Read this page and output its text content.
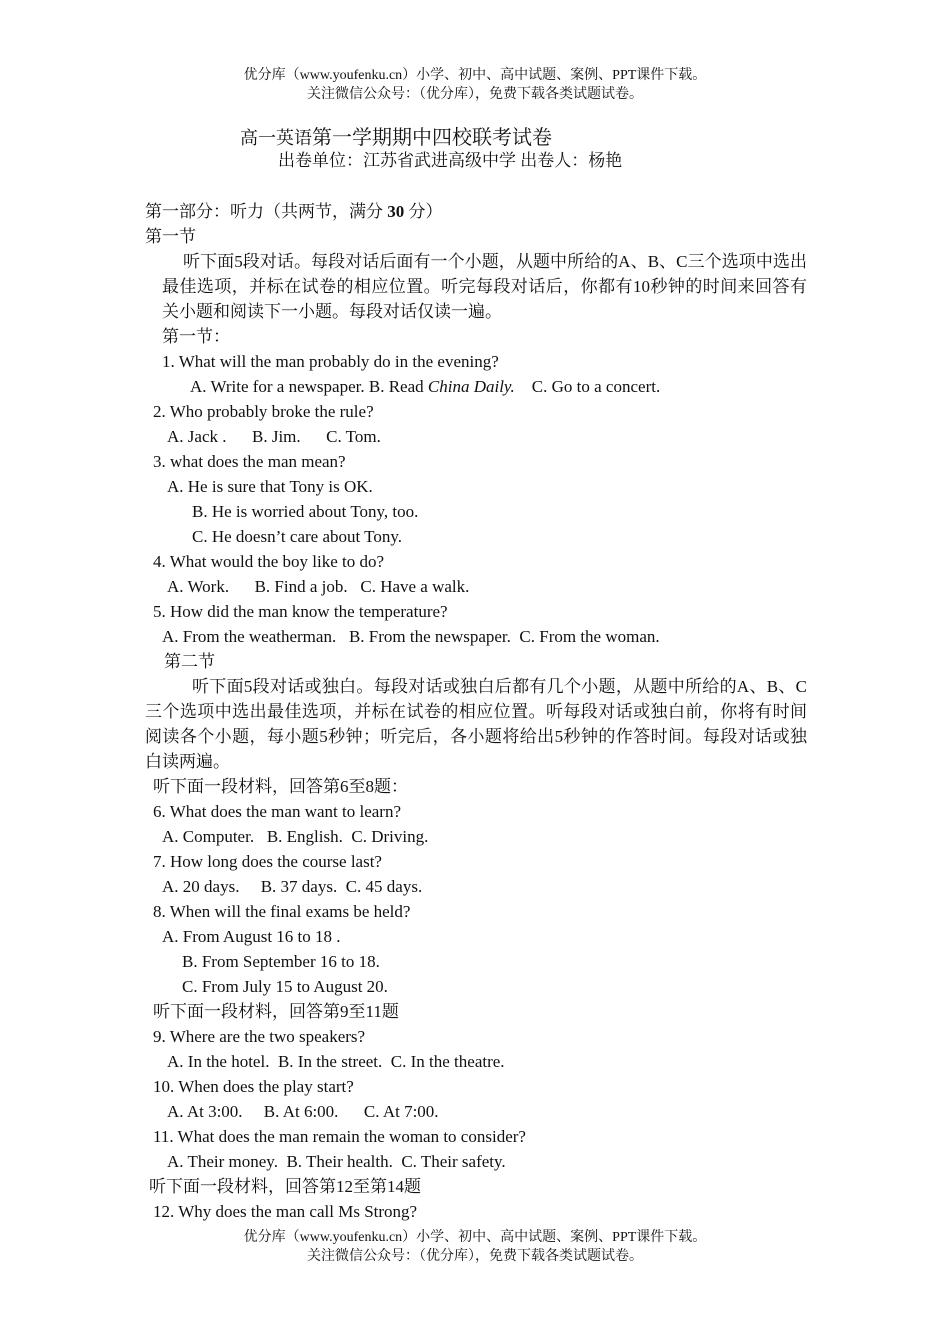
优分库（www.youfenku.cn）小学、初中、高中试题、案例、PPT课件下载。
关注微信公众号：（优分库），免费下载各类试题试卷。
高一英语第一学期期中四校联考试卷
出卷单位：江苏省武进高级中学 出卷人：杨艳
第一部分：听力（共两节，满分 30 分）
第一节
听下面5段对话。每段对话后面有一个小题，从题中所给的A、B、C三个选项中选出最佳选项，并标在试卷的相应位置。听完每段对话后，你都有10秒钟的时间来回答有关小题和阅读下一小题。每段对话仅读一遍。
第一节：
1. What will the man probably do in the evening?
A. Write for a newspaper. B. Read China Daily.    C. Go to a concert.
2. Who probably broke the rule?
A. Jack .      B. Jim.      C. Tom.
3. what does the man mean?
A. He is sure that Tony is OK.
B. He is worried about Tony, too.
C. He doesn’t care about Tony.
4. What would the boy like to do?
A. Work.      B. Find a job.   C. Have a walk.
5. How did the man know the temperature?
A. From the weatherman.   B. From the newspaper.  C. From the woman.
第二节
听下面5段对话或独白。每段对话或独白后都有几个小题，从题中所给的A、B、C三个选项中选出最佳选项，并标在试卷的相应位置。听每段对话或独白前，你将有时间阅读各个小题，每小题5秒钟；听完后，各小题将给出5秒钟的作答时间。每段对话或独白读两遍。
听下面一段材料，回答第6至8题：
6. What does the man want to learn?
A. Computer.   B. English.  C. Driving.
7. How long does the course last?
A. 20 days.     B. 37 days.  C. 45 days.
8. When will the final exams be held?
A. From August 16 to 18 .
B. From September 16 to 18.
C. From July 15 to August 20.
听下面一段材料，回答第9至11题
9. Where are the two speakers?
A. In the hotel.  B. In the street.  C. In the theatre.
10. When does the play start?
A. At 3:00.     B. At 6:00.      C. At 7:00.
11. What does the man remain the woman to consider?
A. Their money.  B. Their health.  C. Their safety.
听下面一段材料，回答第12至第14题
12. Why does the man call Ms Strong?
优分库（www.youfenku.cn）小学、初中、高中试题、案例、PPT课件下载。
关注微信公众号：（优分库），免费下载各类试题试卷。
